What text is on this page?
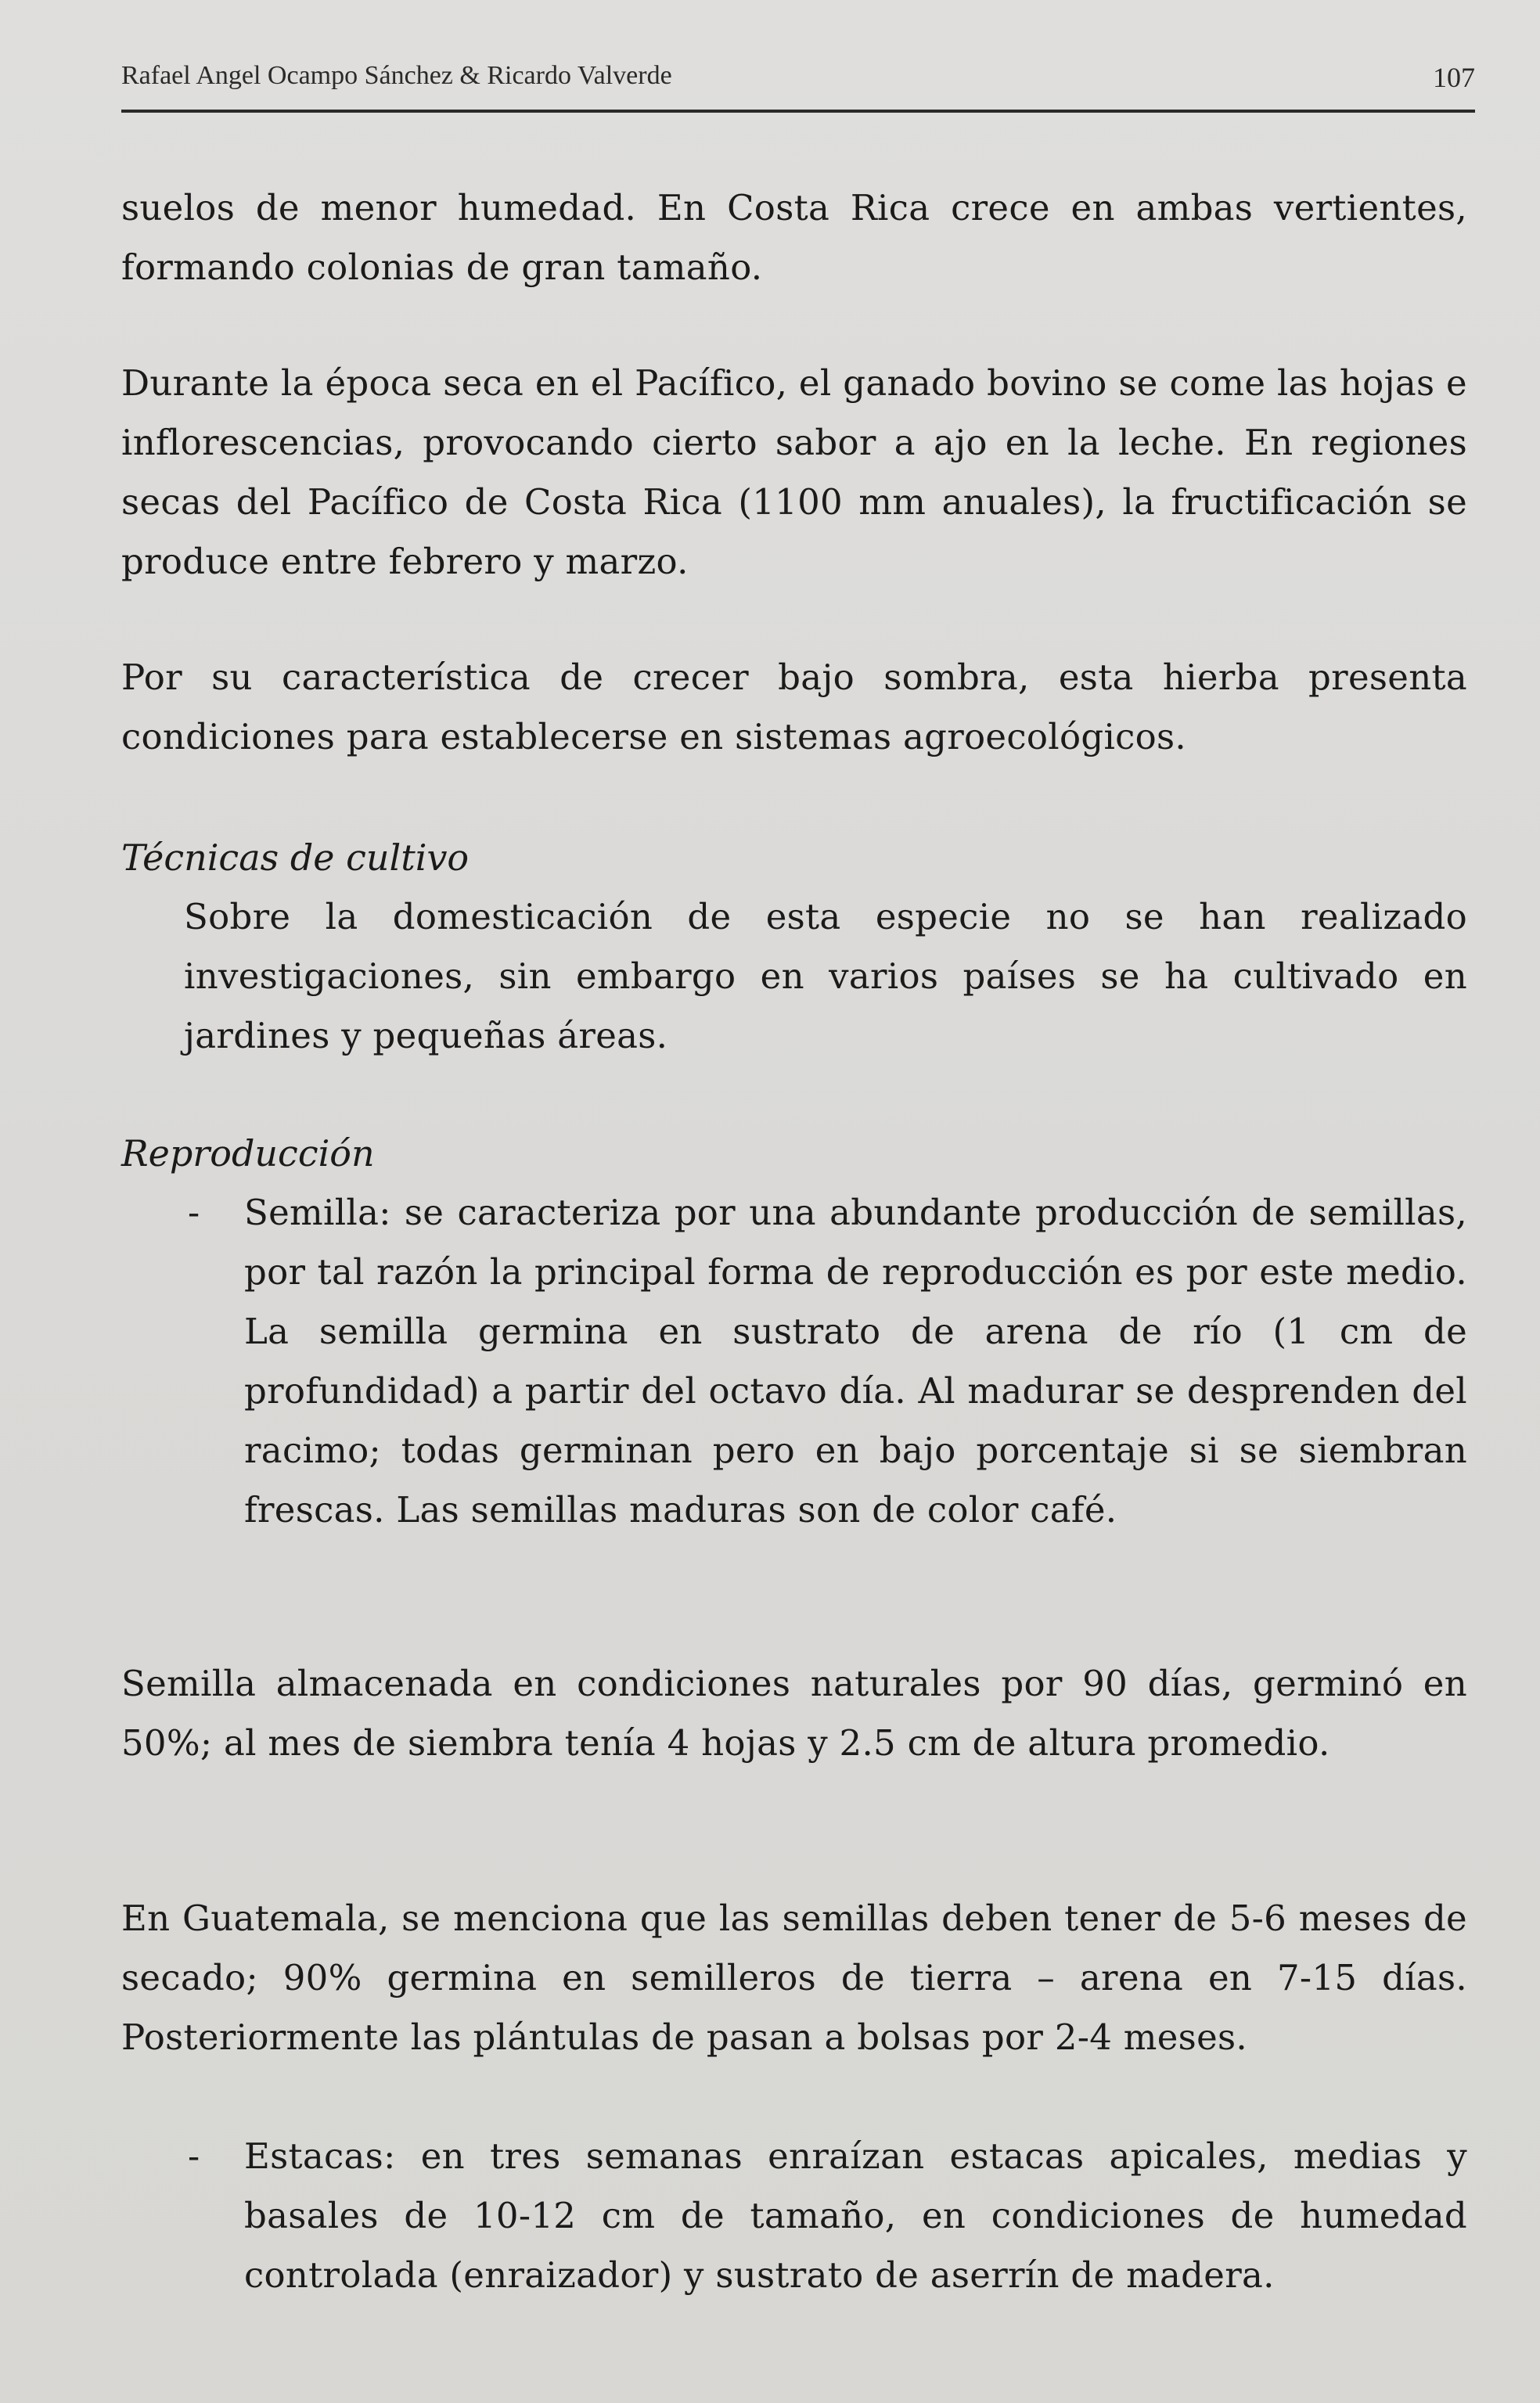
Rafael Angel Ocampo Sánchez & Ricardo Valverde	107

suelos de menor humedad. En Costa Rica crece en ambas vertientes, formando colonias de gran tamaño.

Durante la época seca en el Pacífico, el ganado bovino se come las hojas e inflorescencias, provocando cierto sabor a ajo en la leche. En regiones secas del Pacífico de Costa Rica (1100 mm anuales), la fructificación se produce entre febrero y marzo.

Por su característica de crecer bajo sombra, esta hierba presenta condiciones para establecerse en sistemas agroecológicos.

Técnicas de cultivo

Sobre la domesticación de esta especie no se han realizado investigaciones, sin embargo en varios países se ha cultivado en jardines y pequeñas áreas.

Reproducción

- Semilla: se caracteriza por una abundante producción de semillas, por tal razón la principal forma de reproducción es por este medio. La semilla germina en sustrato de arena de río (1 cm de profundidad) a partir del octavo día. Al madurar se desprenden del racimo; todas germinan pero en bajo porcentaje si se siembran frescas. Las semillas maduras son de color café.

Semilla almacenada en condiciones naturales por 90 días, germinó en 50%; al mes de siembra tenía 4 hojas y 2.5 cm de altura promedio.

En Guatemala, se menciona que las semillas deben tener de 5-6 meses de secado; 90% germina en semilleros de tierra – arena en 7-15 días. Posteriormente las plántulas de pasan a bolsas por 2-4 meses.

- Estacas: en tres semanas enraízan estacas apicales, medias y basales de 10-12 cm de tamaño, en condiciones de humedad controlada (enraizador) y sustrato de aserrín de madera.
